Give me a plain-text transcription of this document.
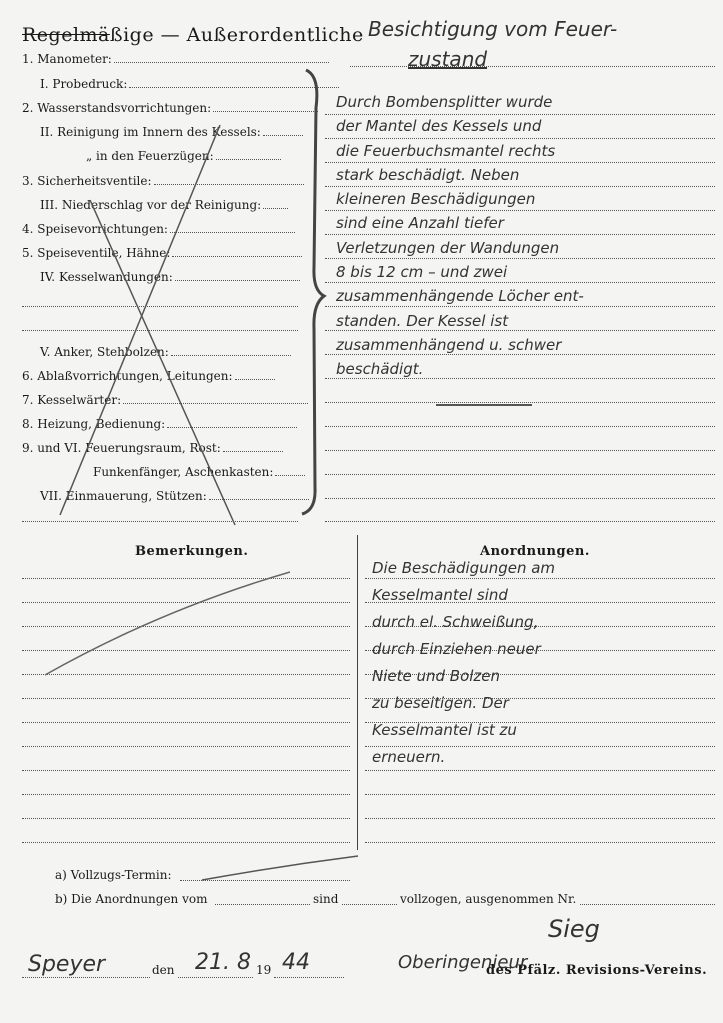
Regelmäßige — Außerordentliche Besichtigung vom Feuer-
zustand
1. Manometer:
I. Probedruck:
2. Wasserstandsvorrichtungen:
II. Reinigung im Innern des Kessels:
„ in den Feuerzügen:
3. Sicherheitsventile:
III. Niederschlag vor der Reinigung:
4. Speisevorrichtungen:
5. Speiseventile, Hähne:
IV. Kesselwandungen:
V. Anker, Stehbolzen:
6. Ablaßvorrichtungen, Leitungen:
7. Kesselwärter:
8. Heizung, Bedienung:
9. und VI. Feuerungsraum, Rost:
Funkenfänger, Aschenkasten:
VII. Einmauerung, Stützen:
Durch Bombensplitter wurde
der Mantel des Kessels und
die Feuerbuchsmantel rechts
stark beschädigt. Neben
kleineren Beschädigungen
sind eine Anzahl tiefer
Verletzungen der Wandungen
8 bis 12 cm – und zwei
zusammenhängende Löcher ent-
standen. Der Kessel ist
zusammenhängend u. schwer
beschädigt.
Bemerkungen.	Anordnungen.
Die Beschädigungen am
Kesselmantel sind
durch el. Schweißung,
durch Einziehen neuer
Niete und Bolzen
zu beseitigen. Der
Kesselmantel ist zu
erneuern.
a) Vollzugs-Termin:
b) Die Anordnungen vom	sind	vollzogen, ausgenommen Nr.
Sieg
Speyer	den 21. 8 19 44	Oberingenieur
des Pfälz. Revisions-Vereins.
